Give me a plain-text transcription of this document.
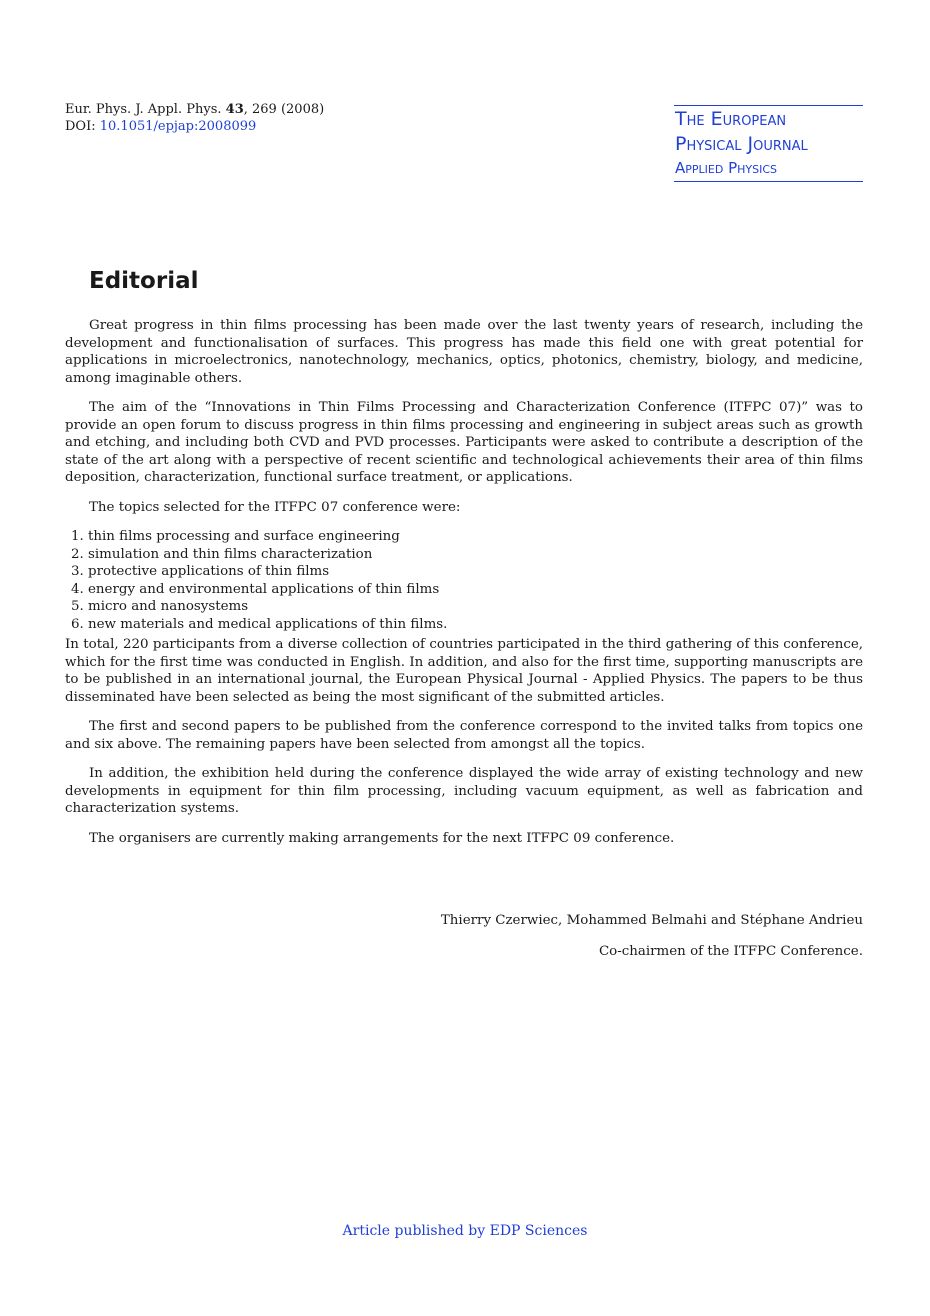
Eur. Phys. J. Appl. Phys. 43, 269 (2008)
DOI: 10.1051/epjap:2008099	The European
Physical Journal
Applied Physics
Editorial

Great progress in thin films processing has been made over the last twenty years of research, including the development and functionalisation of surfaces. This progress has made this field one with great potential for applications in microelectronics, nanotechnology, mechanics, optics, photonics, chemistry, biology, and medicine, among imaginable others.

The aim of the “Innovations in Thin Films Processing and Characterization Conference (ITFPC 07)” was to provide an open forum to discuss progress in thin films processing and engineering in subject areas such as growth and etching, and including both CVD and PVD processes. Participants were asked to contribute a description of the state of the art along with a perspective of recent scientific and technological achievements their area of thin films deposition, characterization, functional surface treatment, or applications.

The topics selected for the ITFPC 07 conference were:

1. thin films processing and surface engineering
2. simulation and thin films characterization
3. protective applications of thin films
4. energy and environmental applications of thin films
5. micro and nanosystems
6. new materials and medical applications of thin films.

In total, 220 participants from a diverse collection of countries participated in the third gathering of this conference, which for the first time was conducted in English. In addition, and also for the first time, supporting manuscripts are to be published in an international journal, the European Physical Journal - Applied Physics. The papers to be thus disseminated have been selected as being the most significant of the submitted articles.

The first and second papers to be published from the conference correspond to the invited talks from topics one and six above. The remaining papers have been selected from amongst all the topics.

In addition, the exhibition held during the conference displayed the wide array of existing technology and new developments in equipment for thin film processing, including vacuum equipment, as well as fabrication and characterization systems.

The organisers are currently making arrangements for the next ITFPC 09 conference.

Thierry Czerwiec, Mohammed Belmahi and Stéphane Andrieu
Co-chairmen of the ITFPC Conference.
Article published by EDP Sciences
